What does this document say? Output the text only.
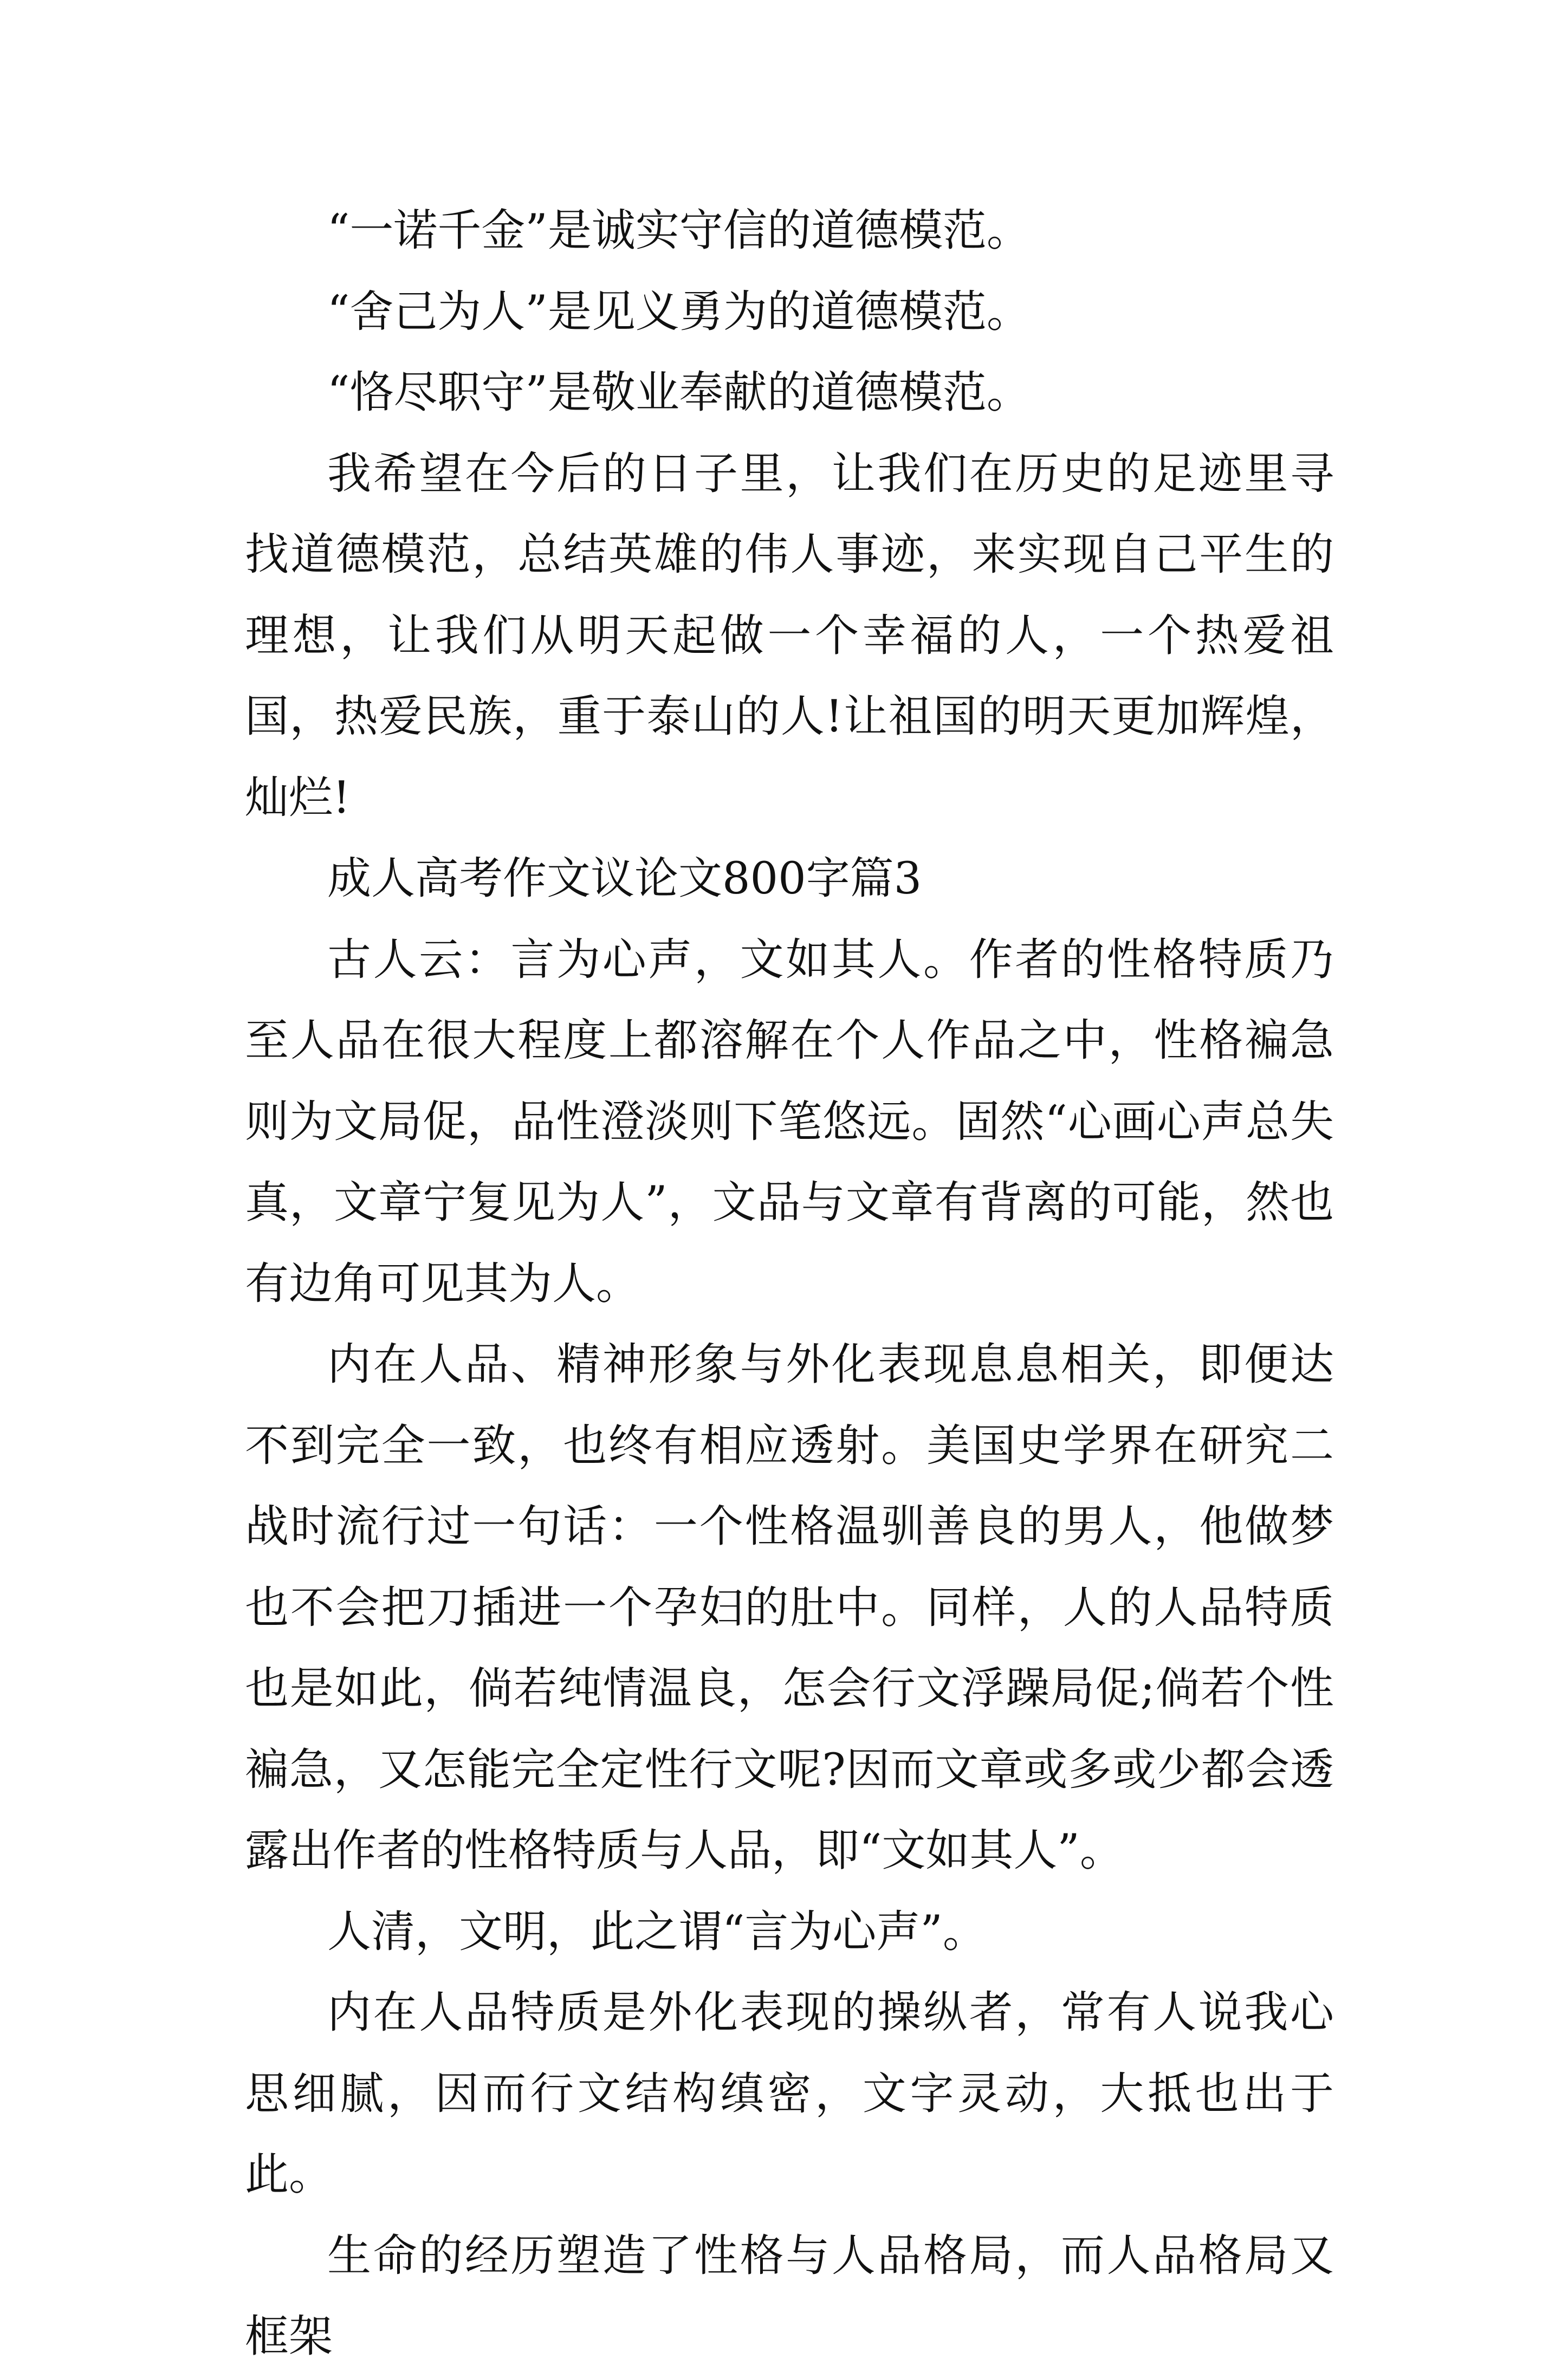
“一诺千金”是诚实守信的道德模范。

“舍己为人”是见义勇为的道德模范。

“恪尽职守”是敬业奉献的道德模范。

我希望在今后的日子里，让我们在历史的足迹里寻找道德模范，总结英雄的伟人事迹，来实现自己平生的理想，让我们从明天起做一个幸福的人，一个热爱祖国，热爱民族，重于泰山的人!让祖国的明天更加辉煌，灿烂!

成人高考作文议论文800字篇3

古人云：言为心声，文如其人。作者的性格特质乃至人品在很大程度上都溶解在个人作品之中，性格褊急则为文局促，品性澄淡则下笔悠远。固然“心画心声总失真，文章宁复见为人”，文品与文章有背离的可能，然也有边角可见其为人。

内在人品、精神形象与外化表现息息相关，即便达不到完全一致，也终有相应透射。美国史学界在研究二战时流行过一句话：一个性格温驯善良的男人，他做梦也不会把刀插进一个孕妇的肚中。同样，人的人品特质也是如此，倘若纯情温良，怎会行文浮躁局促;倘若个性褊急，又怎能完全定性行文呢?因而文章或多或少都会透露出作者的性格特质与人品，即“文如其人”。

人清，文明，此之谓“言为心声”。

内在人品特质是外化表现的操纵者，常有人说我心思细腻，因而行文结构缜密，文字灵动，大抵也出于此。

生命的经历塑造了性格与人品格局，而人品格局又框架
